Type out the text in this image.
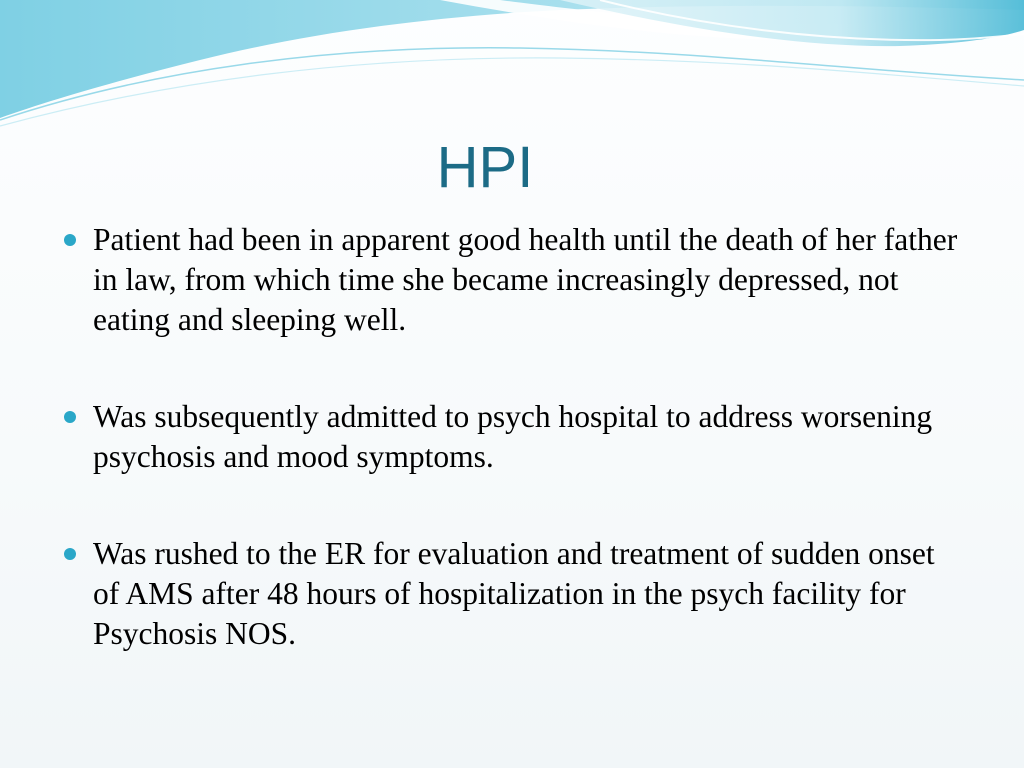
HPI
Patient had been in apparent good health until the death of her father in law, from which time she became increasingly depressed, not eating and sleeping well.
Was subsequently admitted to psych hospital to address worsening psychosis and mood symptoms.
Was rushed to the ER for evaluation and treatment of sudden onset of AMS after 48 hours of hospitalization in the psych facility for Psychosis NOS.
